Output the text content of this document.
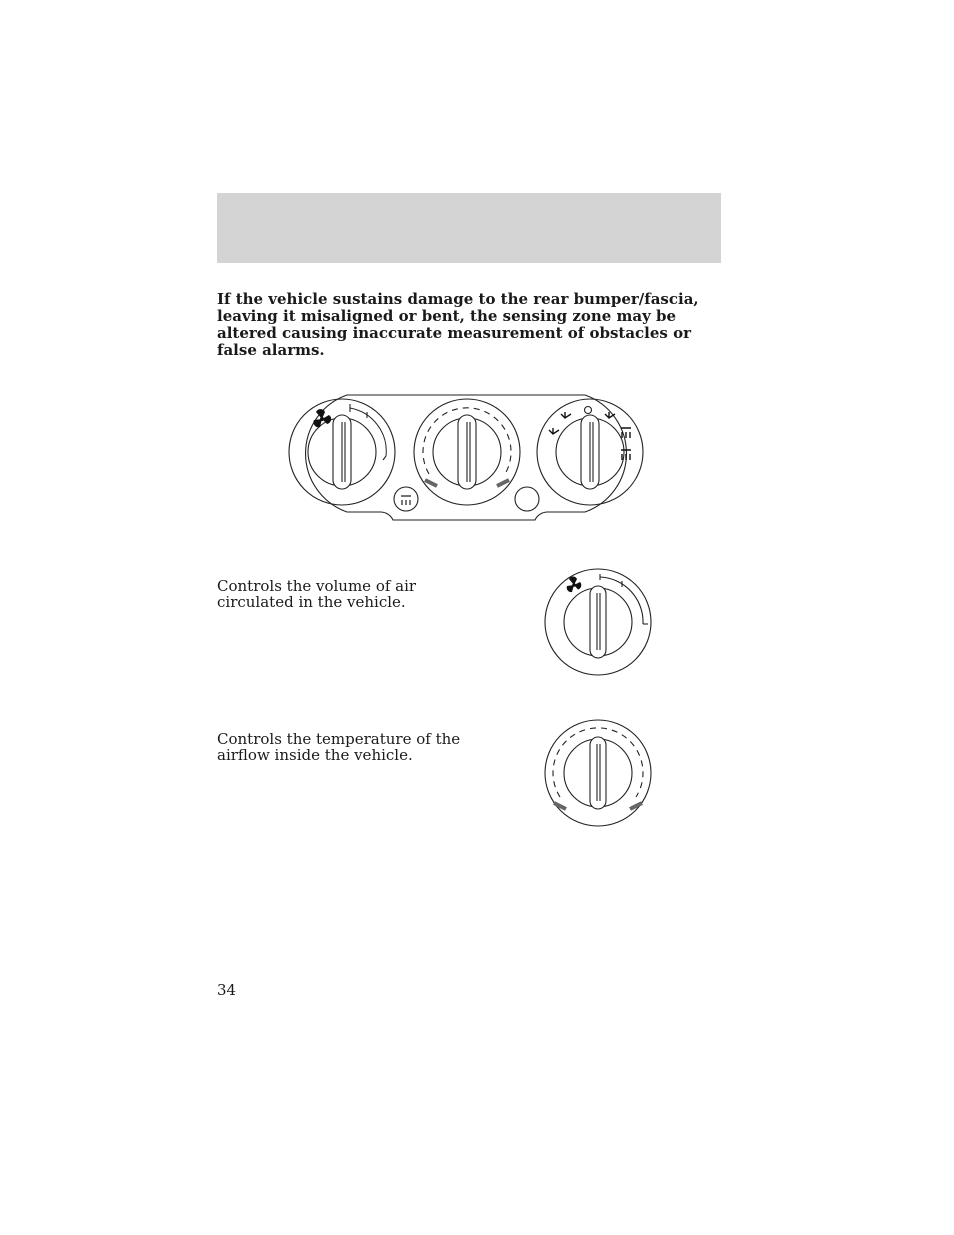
If the vehicle sustains damage to the rear bumper/fascia, leaving it misaligned or bent, the sensing zone may be altered causing inaccurate measurement of obstacles or false alarms.

Controls the volume of air circulated in the vehicle.

Controls the temperature of the airflow inside the vehicle.

34
